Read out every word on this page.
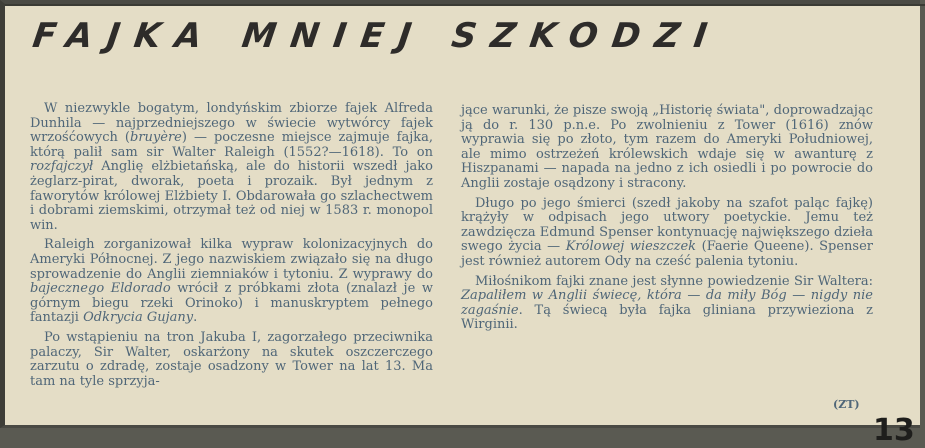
FAJKA MNIEJ SZKODZI

W niezwykle bogatym, londyńskim zbiorze fajek Alfreda Dunhila — najprzedniejszego w świecie wytwórcy fajek wrzośćowych (bruyère) — poczesne miejsce zajmuje fajka, którą palił sam sir Walter Raleigh (1552?—1618). To on rozfajczył Anglię elżbietańską, ale do historii wszedł jako żeglarz-pirat, dworak, poeta i prozaik. Był jednym z faworytów królowej Elżbiety I. Obdarowała go szlachectwem i dobrami ziemskimi, otrzymał też od niej w 1583 r. monopol win.

Raleigh zorganizował kilka wypraw kolonizacyjnych do Ameryki Północnej. Z jego nazwiskiem związało się na długo sprowadzenie do Anglii ziemniaków i tytoniu. Z wyprawy do bajecznego Eldorado wrócił z próbkami złota (znalazł je w górnym biegu rzeki Orinoko) i manuskryptem pełnego fantazji Odkrycia Gujany.

Po wstąpieniu na tron Jakuba I, zagorzałego przeciwnika palaczy, Sir Walter, oskarżony na skutek oszczerczego zarzutu o zdradę, zostaje osadzony w Tower na lat 13. Ma tam na tyle sprzyja-

jące warunki, że pisze swoją „Historię świata", doprowadzając ją do r. 130 p.n.e. Po zwolnieniu z Tower (1616) znów wyprawia się po złoto, tym razem do Ameryki Południowej, ale mimo ostrzeżeń królewskich wdaje się w awanturę z Hiszpanami — napada na jedno z ich osiedli i po powrocie do Anglii zostaje osądzony i stracony.

Długo po jego śmierci (szedł jakoby na szafot paląc fajkę) krążyły w odpisach jego utwory poetyckie. Jemu też zawdzięcza Edmund Spenser kontynuację największego dzieła swego życia — Królowej wieszczek (Faerie Queene). Spenser jest również autorem Ody na cześć palenia tytoniu.

Miłośnikom fajki znane jest słynne powiedzenie Sir Waltera: Zapaliłem w Anglii świecę, która — da miły Bóg — nigdy nie zagaśnie. Tą świecą była fajka gliniana przywieziona z Wirginii.

(ZT)
13
